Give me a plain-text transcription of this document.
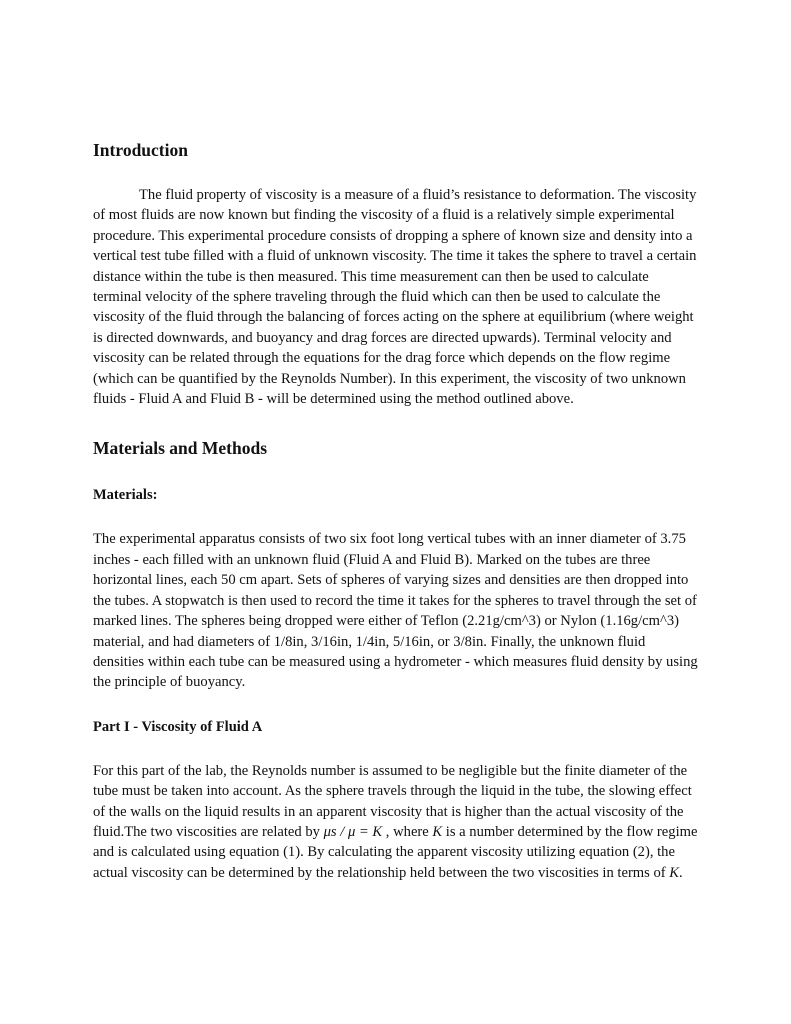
Introduction

The fluid property of viscosity is a measure of a fluid’s resistance to deformation. The viscosity of most fluids are now known but finding the viscosity of a fluid is a relatively simple experimental procedure. This experimental procedure consists of dropping a sphere of known size and density into a vertical test tube filled with a fluid of unknown viscosity. The time it takes the sphere to travel a certain distance within the tube is then measured. This time measurement can then be used to calculate terminal velocity of the sphere traveling through the fluid which can then be used to calculate the viscosity of the fluid through the balancing of forces acting on the sphere at equilibrium (where weight is directed downwards, and buoyancy and drag forces are directed upwards). Terminal velocity and viscosity can be related through the equations for the drag force which depends on the flow regime (which can be quantified by the Reynolds Number). In this experiment, the viscosity of two unknown fluids - Fluid A and Fluid B - will be determined using the method outlined above.

Materials and Methods
Materials:

The experimental apparatus consists of two six foot long vertical tubes with an inner diameter of 3.75 inches - each filled with an unknown fluid (Fluid A and Fluid B). Marked on the tubes are three horizontal lines, each 50 cm apart. Sets of spheres of varying sizes and densities are then dropped into the tubes. A stopwatch is then used to record the time it takes for the spheres to travel through the set of marked lines. The spheres being dropped were either of Teflon (2.21g/cm^3) or Nylon (1.16g/cm^3) material, and had diameters of 1/8in, 3/16in, 1/4in, 5/16in, or 3/8in. Finally, the unknown fluid densities within each tube can be measured using a hydrometer - which measures fluid density by using the principle of buoyancy.

Part I - Viscosity of Fluid A

For this part of the lab, the Reynolds number is assumed to be negligible but the finite diameter of the tube must be taken into account. As the sphere travels through the liquid in the tube, the slowing effect of the walls on the liquid results in an apparent viscosity that is higher than the actual viscosity of the fluid.The two viscosities are related by μs / μ = K , where K is a number determined by the flow regime and is calculated using equation (1). By calculating the apparent viscosity utilizing equation (2), the actual viscosity can be determined by the relationship held between the two viscosities in terms of K.
